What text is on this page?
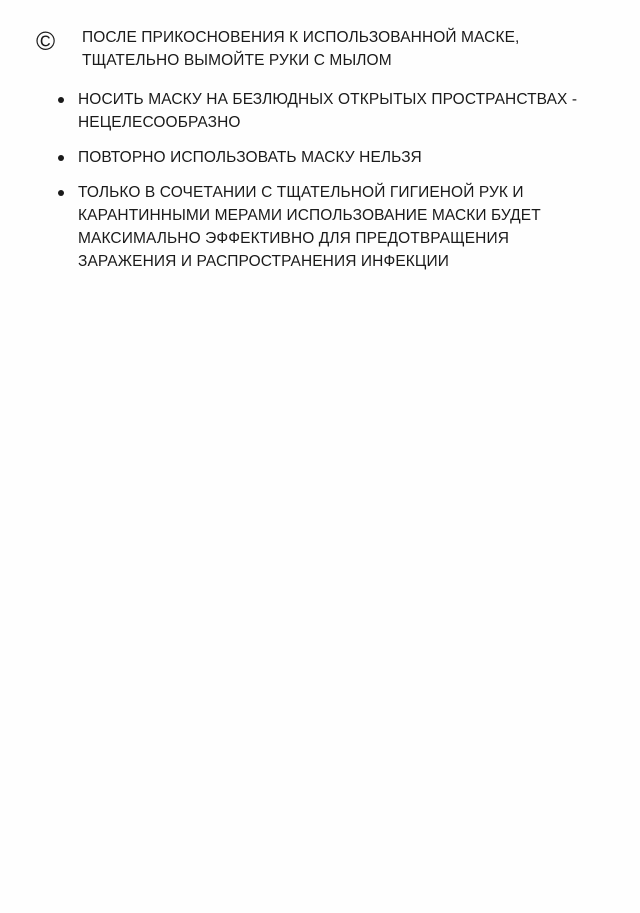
© ПОСЛЕ ПРИКОСНОВЕНИЯ К ИСПОЛЬЗОВАННОЙ МАСКЕ,
ТЩАТЕЛЬНО ВЫМОЙТЕ РУКИ С МЫЛОМ
НОСИТЬ МАСКУ НА БЕЗЛЮДНЫХ ОТКРЫТЫХ ПРОСТРАНСТВАХ -
НЕЦЕЛЕСООБРАЗНО
ПОВТОРНО ИСПОЛЬЗОВАТЬ МАСКУ НЕЛЬЗЯ
ТОЛЬКО В СОЧЕТАНИИ С ТЩАТЕЛЬНОЙ ГИГИЕНОЙ РУК И
КАРАНТИННЫМИ МЕРАМИ ИСПОЛЬЗОВАНИЕ МАСКИ БУДЕТ
МАКСИМАЛЬНО ЭФФЕКТИВНО ДЛЯ ПРЕДОТВРАЩЕНИЯ
ЗАРАЖЕНИЯ И РАСПРОСТРАНЕНИЯ ИНФЕКЦИИ
